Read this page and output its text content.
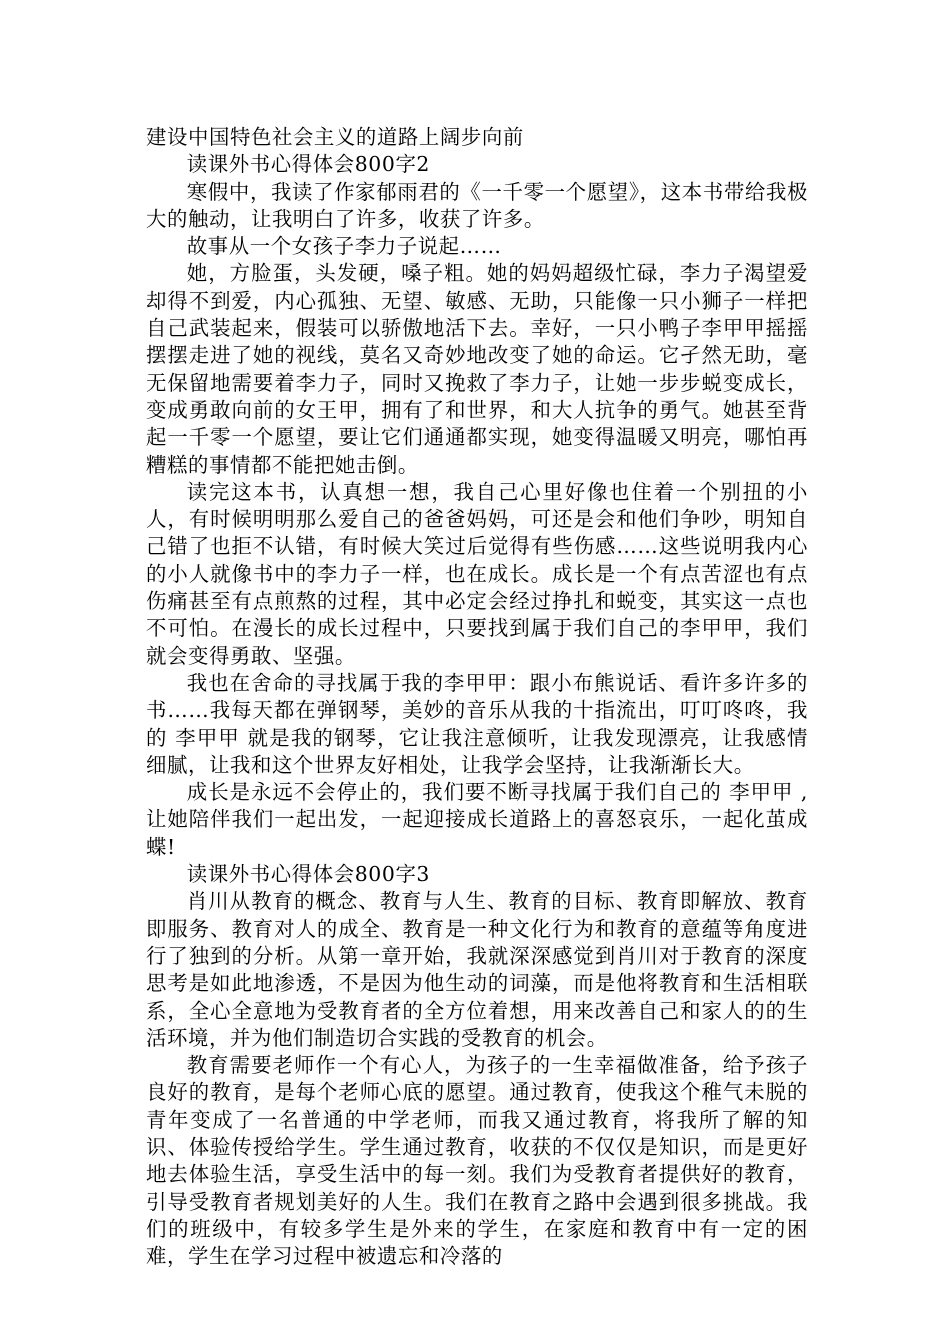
建设中国特色社会主义的道路上阔步向前

读课外书心得体会800字2

寒假中，我读了作家郁雨君的《一千零一个愿望》，这本书带给我极大的触动，让我明白了许多，收获了许多。

故事从一个女孩子李力子说起……

她，方脸蛋，头发硬，嗓子粗。她的妈妈超级忙碌，李力子渴望爱却得不到爱，内心孤独、无望、敏感、无助，只能像一只小狮子一样把自己武装起来，假装可以骄傲地活下去。幸好，一只小鸭子李甲甲摇摇摆摆走进了她的视线，莫名又奇妙地改变了她的命运。它孑然无助，毫无保留地需要着李力子，同时又挽救了李力子，让她一步步蜕变成长，变成勇敢向前的女王甲，拥有了和世界，和大人抗争的勇气。她甚至背起一千零一个愿望，要让它们通通都实现，她变得温暖又明亮，哪怕再糟糕的事情都不能把她击倒。

读完这本书，认真想一想，我自己心里好像也住着一个别扭的小人，有时候明明那么爱自己的爸爸妈妈，可还是会和他们争吵，明知自己错了也拒不认错，有时候大笑过后觉得有些伤感……这些说明我内心的小人就像书中的李力子一样，也在成长。成长是一个有点苦涩也有点伤痛甚至有点煎熬的过程，其中必定会经过挣扎和蜕变，其实这一点也不可怕。在漫长的成长过程中，只要找到属于我们自己的李甲甲，我们就会变得勇敢、坚强。

我也在舍命的寻找属于我的李甲甲：跟小布熊说话、看许多许多的书……我每天都在弹钢琴，美妙的音乐从我的十指流出，叮叮咚咚，我的 李甲甲 就是我的钢琴，它让我注意倾听，让我发现漂亮，让我感情细腻，让我和这个世界友好相处，让我学会坚持，让我渐渐长大。

成长是永远不会停止的，我们要不断寻找属于我们自己的 李甲甲 ,让她陪伴我们一起出发，一起迎接成长道路上的喜怒哀乐，一起化茧成蝶!

读课外书心得体会800字3

肖川从教育的概念、教育与人生、教育的目标、教育即解放、教育即服务、教育对人的成全、教育是一种文化行为和教育的意蕴等角度进行了独到的分析。从第一章开始，我就深深感觉到肖川对于教育的深度思考是如此地渗透，不是因为他生动的词藻，而是他将教育和生活相联系，全心全意地为受教育者的全方位着想，用来改善自己和家人的的生活环境，并为他们制造切合实践的受教育的机会。

教育需要老师作一个有心人，为孩子的一生幸福做准备，给予孩子良好的教育，是每个老师心底的愿望。通过教育，使我这个稚气未脱的青年变成了一名普通的中学老师，而我又通过教育，将我所了解的知识、体验传授给学生。学生通过教育，收获的不仅仅是知识，而是更好地去体验生活，享受生活中的每一刻。我们为受教育者提供好的教育，引导受教育者规划美好的人生。我们在教育之路中会遇到很多挑战。我们的班级中，有较多学生是外来的学生，在家庭和教育中有一定的困难，学生在学习过程中被遗忘和冷落的
